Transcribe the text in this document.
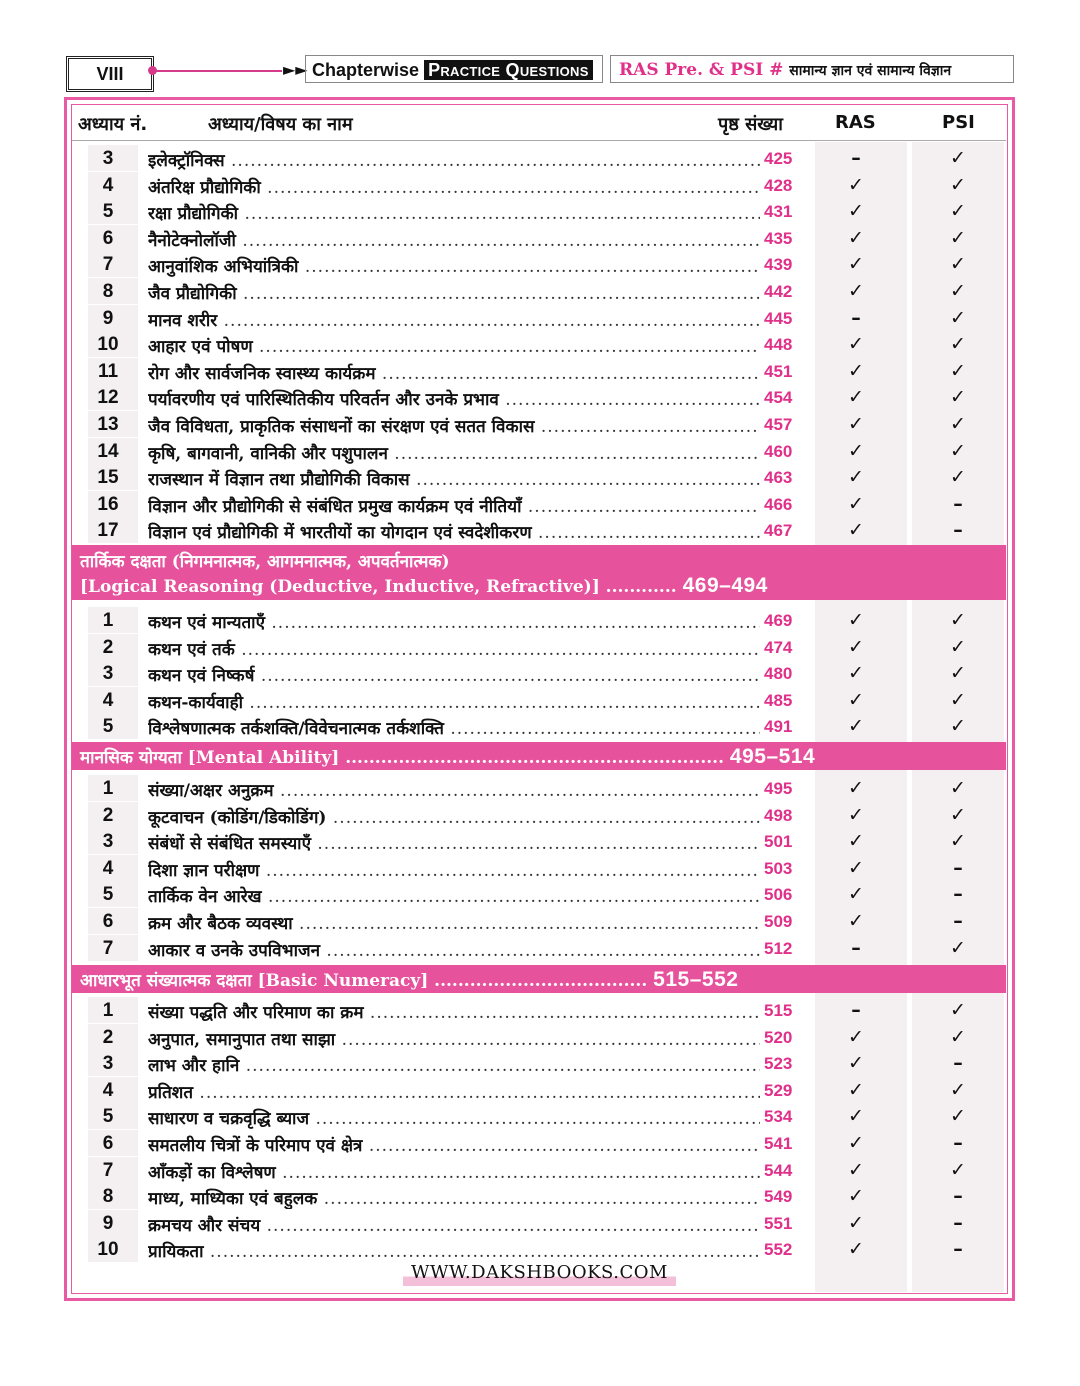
VIII	►► Chapterwise Practice Questions	RAS Pre. & PSI # सामान्य ज्ञान एवं सामान्य विज्ञान
अध्याय नं.	अध्याय/विषय का नाम	पृष्ठ संख्या	RAS	PSI
3	इलेक्ट्रॉनिक्स .....	425	–	✓
4	अंतरिक्ष प्रौद्योगिकी .....	428	✓	✓
5	रक्षा प्रौद्योगिकी .....	431	✓	✓
6	नैनोटेक्नोलॉजी .....	435	✓	✓
7	आनुवांशिक अभियांत्रिकी .....	439	✓	✓
8	जैव प्रौद्योगिकी .....	442	✓	✓
9	मानव शरीर .....	445	–	✓
10	आहार एवं पोषण .....	448	✓	✓
11	रोग और सार्वजनिक स्वास्थ्य कार्यक्रम .....	451	✓	✓
12	पर्यावरणीय एवं पारिस्थितिकीय परिवर्तन और उनके प्रभाव .....	454	✓	✓
13	जैव विविधता, प्राकृतिक संसाधनों का संरक्षण एवं सतत विकास .....	457	✓	✓
14	कृषि, बागवानी, वानिकी और पशुपालन .....	460	✓	✓
15	राजस्थान में विज्ञान तथा प्रौद्योगिकी विकास .....	463	✓	✓
16	विज्ञान और प्रौद्योगिकी से संबंधित प्रमुख कार्यक्रम एवं नीतियाँ .....	466	✓	–
17	विज्ञान एवं प्रौद्योगिकी में भारतीयों का योगदान एवं स्वदेशीकरण .....	467	✓	–
तार्किक दक्षता (निगमनात्मक, आगमनात्मक, अपवर्तनात्मक)
[Logical Reasoning (Deductive, Inductive, Refractive)] ............ 469–494
1	कथन एवं मान्यताएँ .....	469	✓	✓
2	कथन एवं तर्क .....	474	✓	✓
3	कथन एवं निष्कर्ष .....	480	✓	✓
4	कथन-कार्यवाही .....	485	✓	✓
5	विश्लेषणात्मक तर्कशक्ति/विवेचनात्मक तर्कशक्ति .....	491	✓	✓
मानसिक योग्यता [Mental Ability] ................................................................ 495–514
1	संख्या/अक्षर अनुक्रम .....	495	✓	✓
2	कूटवाचन (कोडिंग/डिकोडिंग) .....	498	✓	✓
3	संबंधों से संबंधित समस्याएँ .....	501	✓	✓
4	दिशा ज्ञान परीक्षण .....	503	✓	–
5	तार्किक वेन आरेख .....	506	✓	–
6	क्रम और बैठक व्यवस्था .....	509	✓	–
7	आकार व उनके उपविभाजन .....	512	–	✓
आधारभूत संख्यात्मक दक्षता [Basic Numeracy] .................................... 515–552
1	संख्या पद्धति और परिमाण का क्रम .....	515	–	✓
2	अनुपात, समानुपात तथा साझा .....	520	✓	✓
3	लाभ और हानि .....	523	✓	–
4	प्रतिशत .....	529	✓	✓
5	साधारण व चक्रवृद्धि ब्याज .....	534	✓	✓
6	समतलीय चित्रों के परिमाप एवं क्षेत्र .....	541	✓	–
7	आँकड़ों का विश्लेषण .....	544	✓	✓
8	माध्य, माध्यिका एवं बहुलक .....	549	✓	–
9	क्रमचय और संचय .....	551	✓	–
10	प्रायिकता .....	552	✓	–
WWW.DAKSHBOOKS.COM
